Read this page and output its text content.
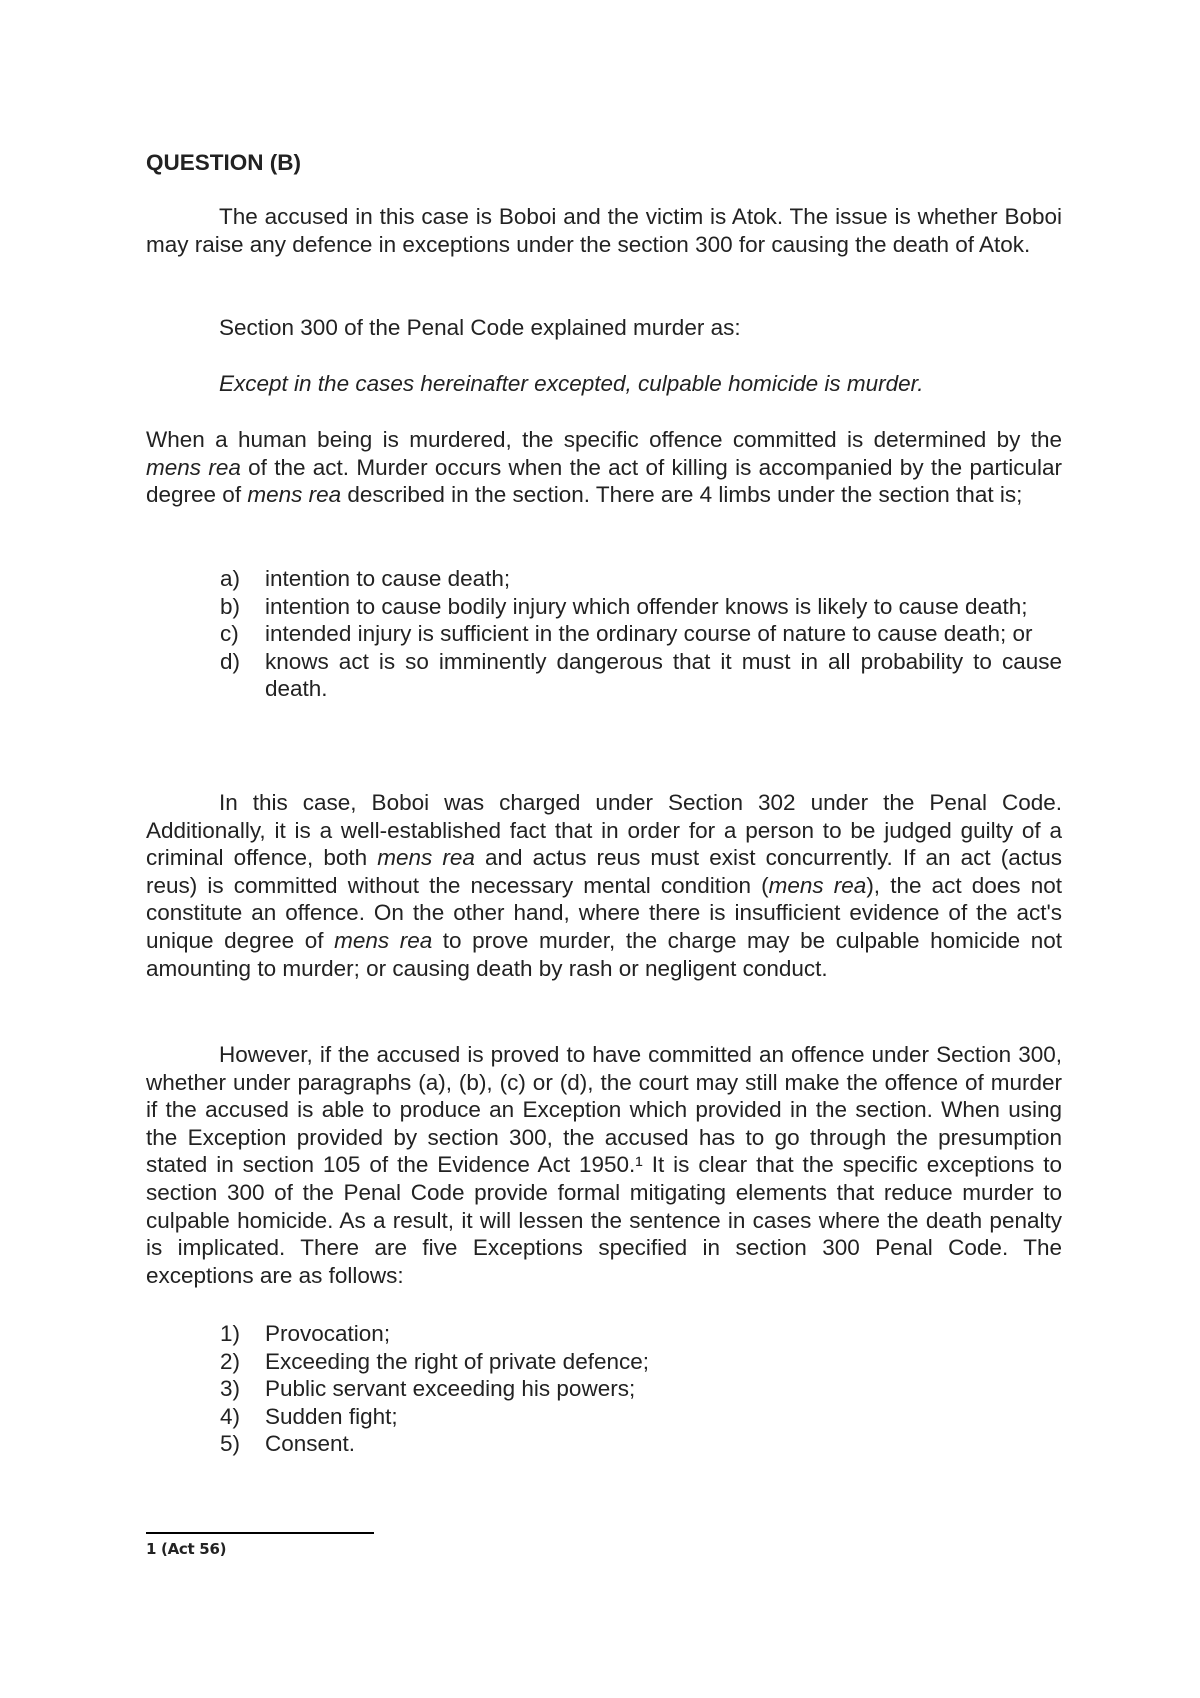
QUESTION (B)
The accused in this case is Boboi and the victim is Atok. The issue is whether Boboi may raise any defence in exceptions under the section 300 for causing the death of Atok.
Section 300 of the Penal Code explained murder as:
Except in the cases hereinafter excepted, culpable homicide is murder.
When a human being is murdered, the specific offence committed is determined by the mens rea of the act. Murder occurs when the act of killing is accompanied by the particular degree of mens rea described in the section. There are 4 limbs under the section that is;
a) intention to cause death;
b) intention to cause bodily injury which offender knows is likely to cause death;
c) intended injury is sufficient in the ordinary course of nature to cause death; or
d) knows act is so imminently dangerous that it must in all probability to cause death.
In this case, Boboi was charged under Section 302 under the Penal Code. Additionally, it is a well-established fact that in order for a person to be judged guilty of a criminal offence, both mens rea and actus reus must exist concurrently. If an act (actus reus) is committed without the necessary mental condition (mens rea), the act does not constitute an offence. On the other hand, where there is insufficient evidence of the act's unique degree of mens rea to prove murder, the charge may be culpable homicide not amounting to murder; or causing death by rash or negligent conduct.
However, if the accused is proved to have committed an offence under Section 300, whether under paragraphs (a), (b), (c) or (d), the court may still make the offence of murder if the accused is able to produce an Exception which provided in the section. When using the Exception provided by section 300, the accused has to go through the presumption stated in section 105 of the Evidence Act 1950.¹ It is clear that the specific exceptions to section 300 of the Penal Code provide formal mitigating elements that reduce murder to culpable homicide. As a result, it will lessen the sentence in cases where the death penalty is implicated. There are five Exceptions specified in section 300 Penal Code. The exceptions are as follows:
1) Provocation;
2) Exceeding the right of private defence;
3) Public servant exceeding his powers;
4) Sudden fight;
5) Consent.
1 (Act 56)
